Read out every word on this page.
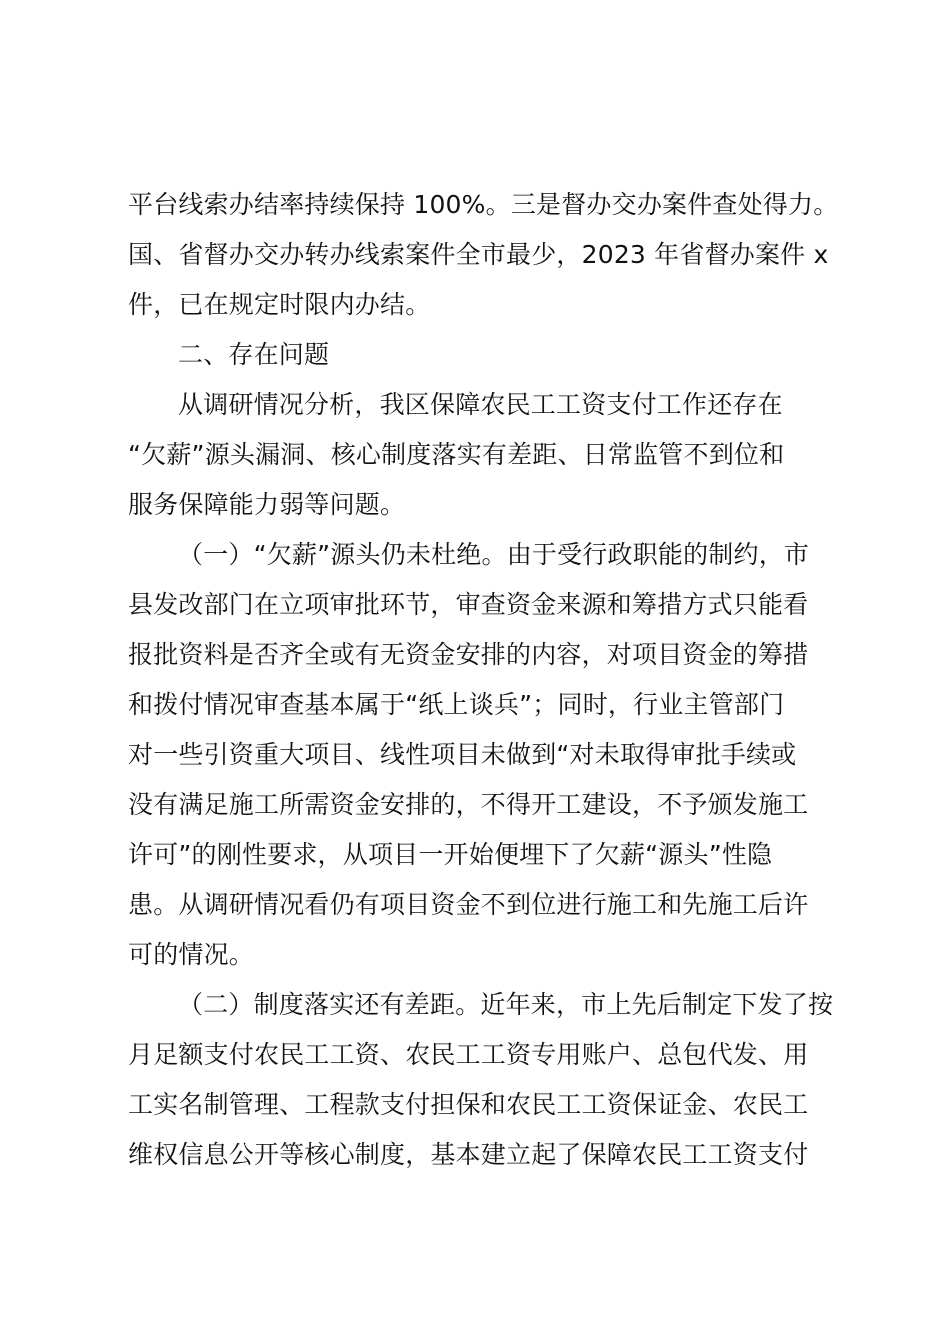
平台线索办结率持续保持 100%。三是督办交办案件查处得力。
国、省督办交办转办线索案件全市最少，2023 年省督办案件 x
件，已在规定时限内办结。
二、存在问题
从调研情况分析，我区保障农民工工资支付工作还存在
“欠薪”源头漏洞、核心制度落实有差距、日常监管不到位和
服务保障能力弱等问题。
（一）“欠薪”源头仍未杜绝。由于受行政职能的制约，市
县发改部门在立项审批环节，审查资金来源和筹措方式只能看
报批资料是否齐全或有无资金安排的内容，对项目资金的筹措
和拨付情况审查基本属于“纸上谈兵”；同时，行业主管部门
对一些引资重大项目、线性项目未做到“对未取得审批手续或
没有满足施工所需资金安排的，不得开工建设，不予颁发施工
许可”的刚性要求，从项目一开始便埋下了欠薪“源头”性隐
患。从调研情况看仍有项目资金不到位进行施工和先施工后许
可的情况。
（二）制度落实还有差距。近年来，市上先后制定下发了按
月足额支付农民工工资、农民工工资专用账户、总包代发、用
工实名制管理、工程款支付担保和农民工工资保证金、农民工
维权信息公开等核心制度，基本建立起了保障农民工工资支付
